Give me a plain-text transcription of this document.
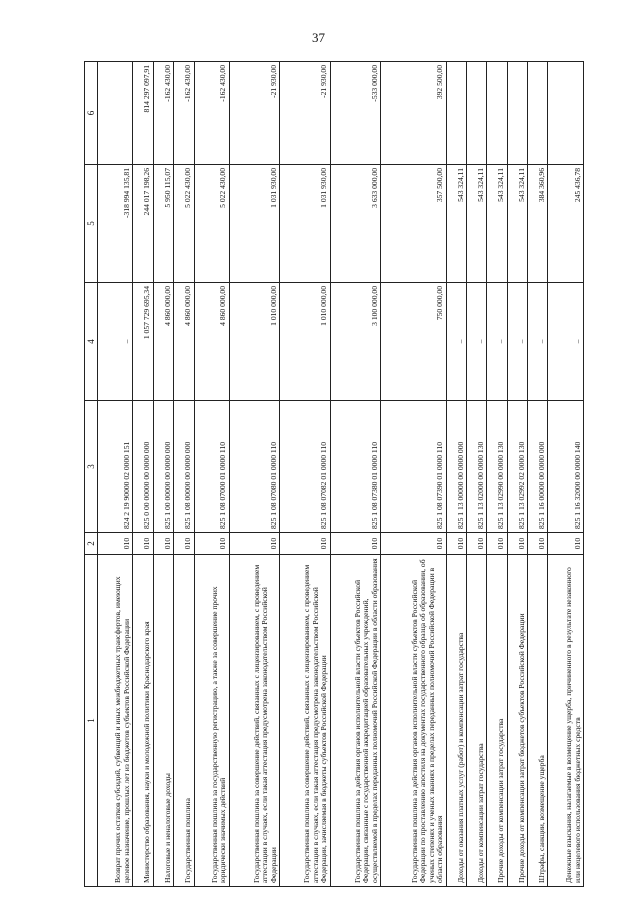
37
1	2	3	4	5	6
Возврат прочих остатков субсидий, субвенций и иных межбюджетных трансфертов, имеющих целевое назначение, прошлых лет из бюджетов субъектов Российской Федерации	010	824 2 19 90000 02 0000 151	–	-318 994 135,81	
Министерство образования, науки и молодежной политики Краснодарского края	010	825 0 00 00000 00 0000 000	1 057 729 695,34	244 017 198,26	814 297 097,91
Налоговые и неналоговые доходы	010	825 1 00 00000 00 0000 000	4 860 000,00	5 950 115,07	-162 430,00
Государственная пошлина	010	825 1 08 00000 00 0000 000	4 860 000,00	5 022 430,00	-162 430,00
Государственная пошлина за государственную регистрацию, а также за совершение прочих юридически значимых действий	010	825 1 08 07000 01 0000 110	4 860 000,00	5 022 430,00	-162 430,00
Государственная пошлина за совершение действий, связанных с лицензированием, с проведением аттестации в случаях, если такая аттестация предусмотрена законодательством Российской Федерации	010	825 1 08 07080 01 0000 110	1 010 000,00	1 031 930,00	-21 930,00
Государственная пошлина за совершение действий, связанных с лицензированием, с проведением аттестации в случаях, если такая аттестация предусмотрена законодательством Российской Федерации, зачисляемая в бюджеты субъектов Российской Федерации	010	825 1 08 07082 01 0000 110	1 010 000,00	1 031 930,00	-21 930,00
Государственная пошлина за действия органов исполнительной власти субъектов Российской Федерации, связанные с государственной аккредитацией образовательных учреждений, осуществляемой в пределах переданных полномочий Российской Федерации в области образования	010	825 1 08 07380 01 0000 110	3 100 000,00	3 633 000,00	-533 000,00
Государственная пошлина за действия органов исполнительной власти субъектов Российской Федерации по проставлению апостиля на документах государственного образца об образовании, об ученых степенях и ученых званиях в пределах переданных полномочий Российской Федерации в области образования	010	825 1 08 07390 01 0000 110	750 000,00	357 500,00	392 500,00
Доходы от оказания платных услуг (работ) и компенсации затрат государства	010	825 1 13 00000 00 0000 000	–	543 324,11	
Доходы от компенсации затрат государства	010	825 1 13 02000 00 0000 130	–	543 324,11	
Прочие доходы от компенсации затрат государства	010	825 1 13 02990 00 0000 130	–	543 324,11	
Прочие доходы от компенсации затрат бюджетов субъектов Российской Федерации	010	825 1 13 02992 02 0000 130	–	543 324,11	
Штрафы, санкции, возмещение ущерба	010	825 1 16 00000 00 0000 000	–	384 360,96	
Денежные взыскания, налагаемые в возмещение ущерба, причиненного в результате незаконного или нецелевого использования бюджетных средств	010	825 1 16 32000 00 0000 140	–	245 436,78	
